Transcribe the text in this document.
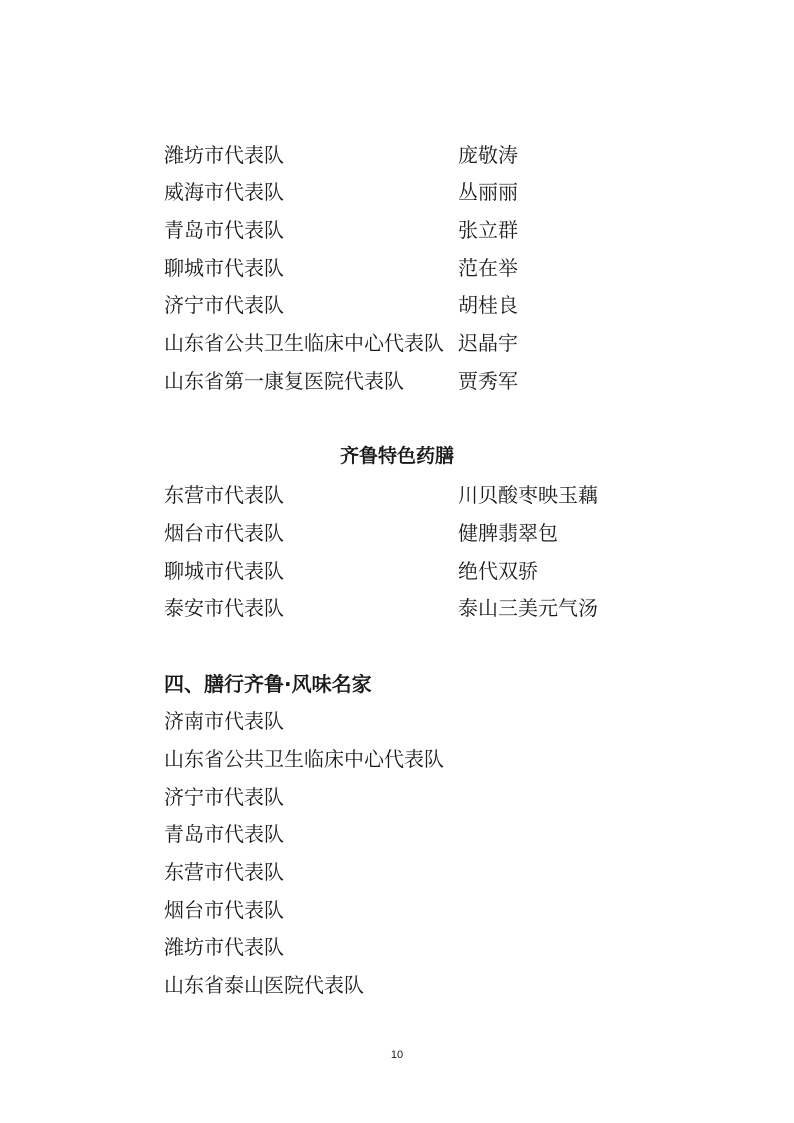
潍坊市代表队	庞敬涛
威海市代表队	丛丽丽
青岛市代表队	张立群
聊城市代表队	范在举
济宁市代表队	胡桂良
山东省公共卫生临床中心代表队 迟晶宇
山东省第一康复医院代表队	贾秀军
齐鲁特色药膳
东营市代表队	川贝酸枣映玉藕
烟台市代表队	健脾翡翠包
聊城市代表队	绝代双骄
泰安市代表队	泰山三美元气汤
四、膳行齐鲁·风味名家
济南市代表队
山东省公共卫生临床中心代表队
济宁市代表队
青岛市代表队
东营市代表队
烟台市代表队
潍坊市代表队
山东省泰山医院代表队
10
